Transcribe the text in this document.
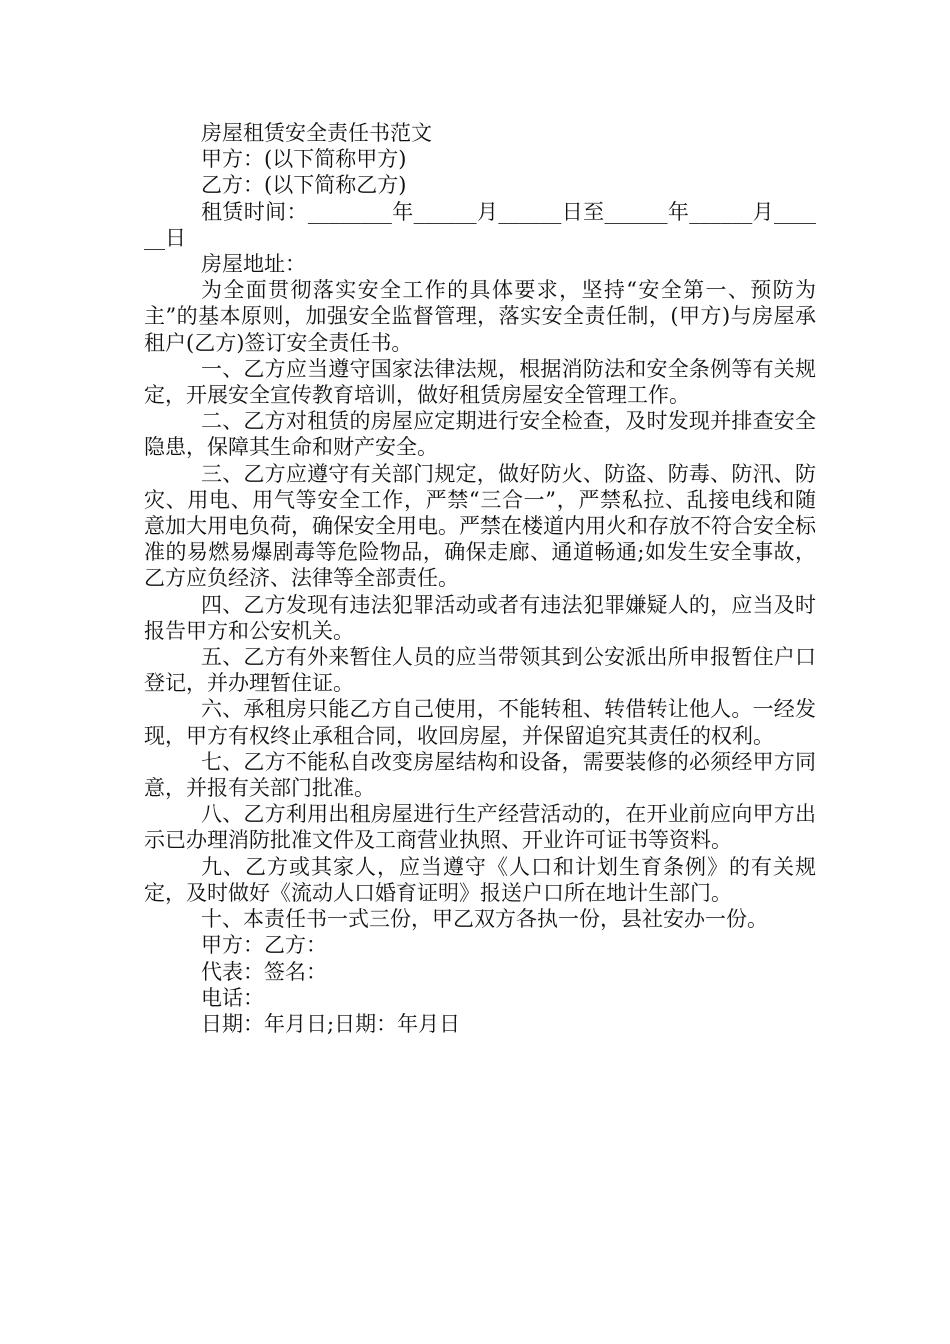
房屋租赁安全责任书范文

甲方：(以下简称甲方)

乙方：(以下简称乙方)

租赁时间：________年______月______日至______年______月______日

房屋地址：

为全面贯彻落实安全工作的具体要求，坚持“安全第一、预防为主”的基本原则，加强安全监督管理，落实安全责任制，(甲方)与房屋承租户(乙方)签订安全责任书。

一、乙方应当遵守国家法律法规，根据消防法和安全条例等有关规定，开展安全宣传教育培训，做好租赁房屋安全管理工作。

二、乙方对租赁的房屋应定期进行安全检查，及时发现并排查安全隐患，保障其生命和财产安全。

三、乙方应遵守有关部门规定，做好防火、防盗、防毒、防汛、防灾、用电、用气等安全工作，严禁“三合一”，严禁私拉、乱接电线和随意加大用电负荷，确保安全用电。严禁在楼道内用火和存放不符合安全标准的易燃易爆剧毒等危险物品，确保走廊、通道畅通;如发生安全事故，乙方应负经济、法律等全部责任。

四、乙方发现有违法犯罪活动或者有违法犯罪嫌疑人的，应当及时报告甲方和公安机关。

五、乙方有外来暂住人员的应当带领其到公安派出所申报暂住户口登记，并办理暂住证。

六、承租房只能乙方自己使用，不能转租、转借转让他人。一经发现，甲方有权终止承租合同，收回房屋，并保留追究其责任的权利。

七、乙方不能私自改变房屋结构和设备，需要装修的必须经甲方同意，并报有关部门批准。

八、乙方利用出租房屋进行生产经营活动的，在开业前应向甲方出示已办理消防批准文件及工商营业执照、开业许可证书等资料。

九、乙方或其家人，应当遵守《人口和计划生育条例》的有关规定，及时做好《流动人口婚育证明》报送户口所在地计生部门。

十、本责任书一式三份，甲乙双方各执一份，县社安办一份。

甲方：乙方：

代表：签名：

电话：

日期：年月日;日期：年月日
